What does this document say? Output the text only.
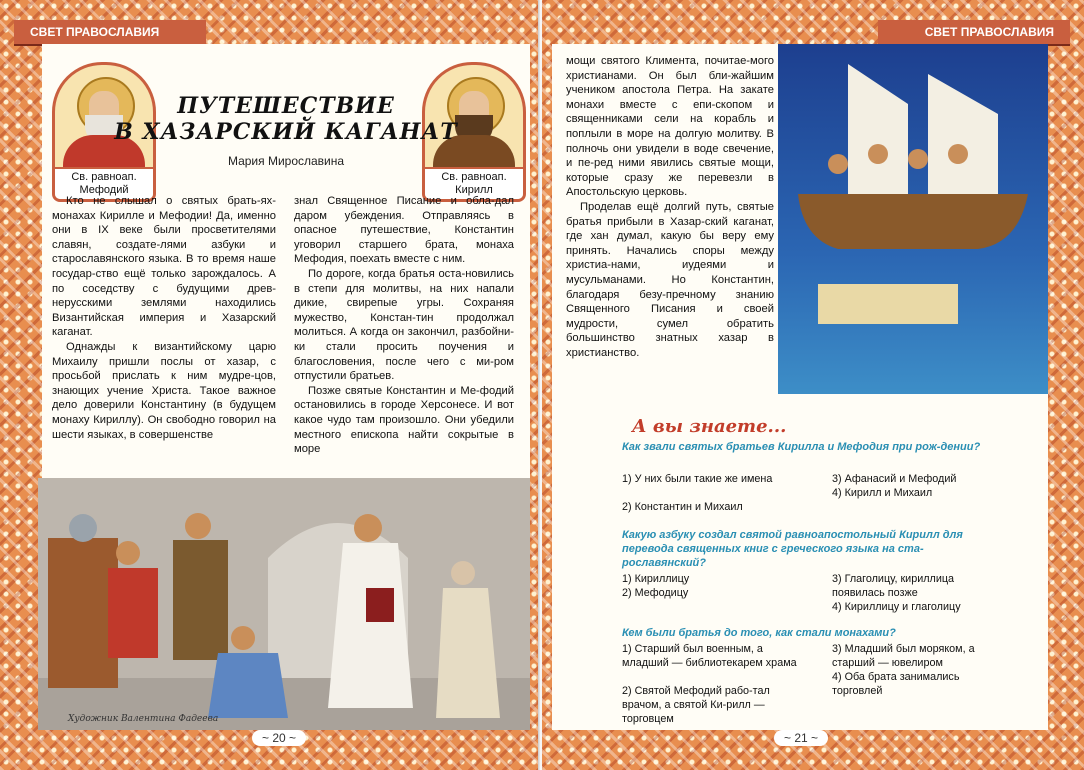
СВЕТ ПРАВОСЛАВИЯ
Св. равноап.
Мефодий
Св. равноап.
Кирилл
ПУТЕШЕСТВИЕ
В ХАЗАРСКИЙ КАГАНАТ
Мария Мирославина

Кто не слышал о святых брать-ях-монахах Кирилле и Мефодии! Да, именно они в IX веке были просветителями славян, создате-лями азбуки и старославянского языка. В то время наше государ-ство ещё только зарождалось. А по соседству с будущими древ-нерусскими землями находились Византийская империя и Хазарский каганат.

Однажды к византийскому царю Михаилу пришли послы от хазар, с просьбой прислать к ним мудре-цов, знающих учение Христа. Такое важное дело доверили Константину (в будущем монаху Кириллу). Он свободно говорил на шести языках, в совершенстве

знал Священное Писание и обла-дал даром убеждения. Отправляясь в опасное путешествие, Константин уговорил старшего брата, монаха Мефодия, поехать вместе с ним.

По дороге, когда братья оста-новились в степи для молитвы, на них напали дикие, свирепые угры. Сохраняя мужество, Констан-тин продолжал молиться. А когда он закончил, разбойни-ки стали просить поучения и благословения, после чего с ми-ром отпустили братьев.

Позже святые Константин и Ме-фодий остановились в городе Херсонесе. И вот какое чудо там произошло. Они убедили местного епископа найти сокрытые в море

Художник Валентина Фадеева
~ 20 ~
СВЕТ ПРАВОСЛАВИЯ

мощи святого Климента, почитае-мого христианами. Он был бли-жайшим учеником апостола Петра. На закате монахи вместе с епи-скопом и священниками сели на корабль и поплыли в море на долгую молитву. В полночь они увидели в воде свечение, и пе-ред ними явились святые мощи, которые сразу же перевезли в Апостольскую церковь.

Проделав ещё долгий путь, святые братья прибыли в Хазар-ский каганат, где хан думал, какую бы веру ему принять. Начались споры между христиа-нами, иудеями и мусульманами. Но Константин, благодаря безу-пречному знанию Священного Писания и своей мудрости, сумел обратить большинство знатных хазар в христианство.

А вы знаете...
Как звали святых братьев Кирилла и Мефодия при рож-дении?
1) У них были такие же имена
2) Константин и Михаил
3) Афанасий и Мефодий
4) Кирилл и Михаил
Какую азбуку создал святой равноапостольный Кирилл для перевода священных книг с греческого языка на ста-рославянский?
1) Кириллицу
2) Мефодицу
3) Глаголицу, кириллица появилась позже
4) Кириллицу и глаголицу
Кем были братья до того, как стали монахами?
1) Старший был военным, а младший — библиотекарем храма
2) Святой Мефодий рабо-тал врачом, а святой Ки-рилл — торговцем
3) Младший был моряком, а старший — ювелиром
4) Оба брата занимались торговлей
~ 21 ~
